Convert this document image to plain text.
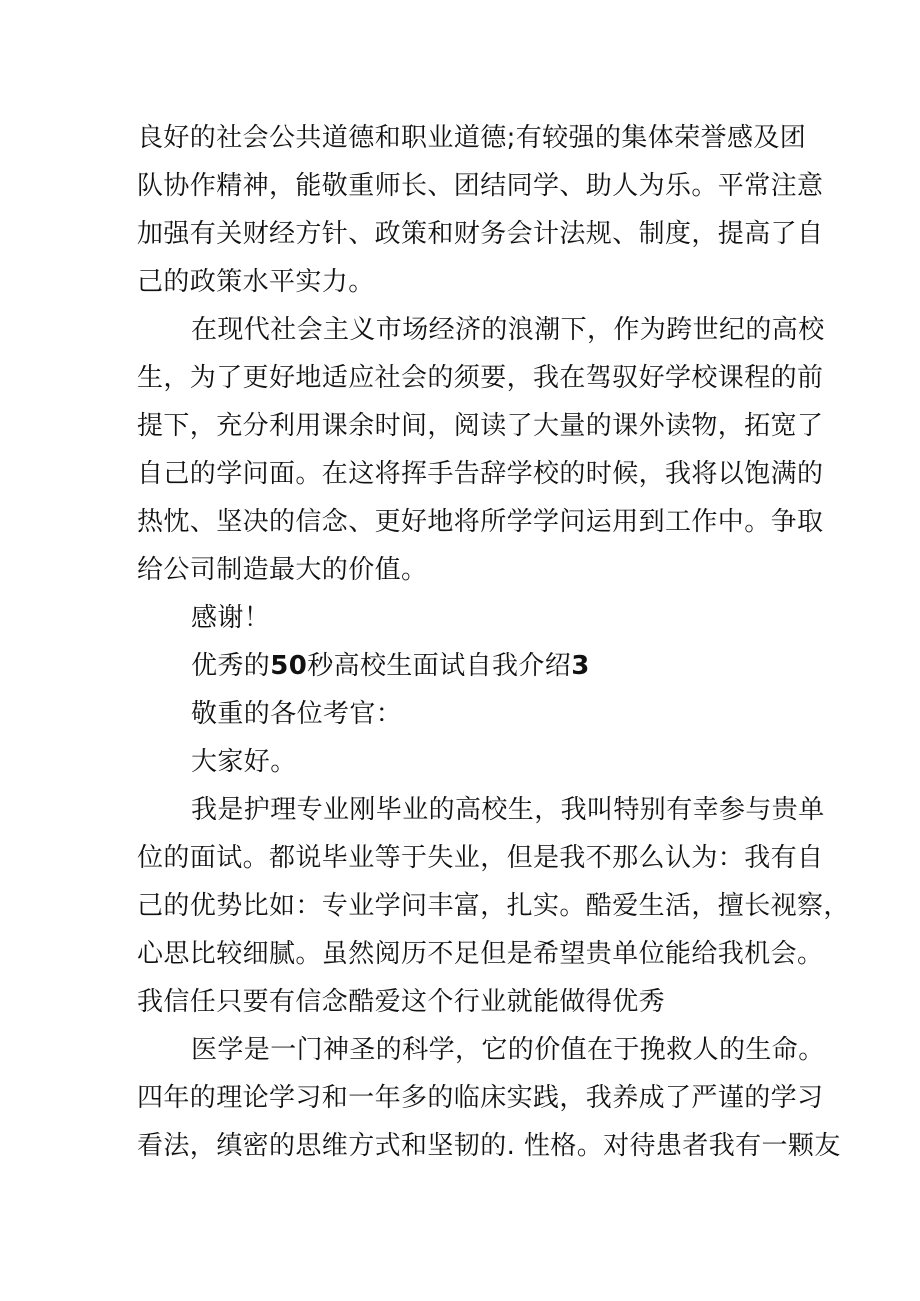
良好的社会公共道德和职业道德;有较强的集体荣誉感及团
队协作精神，能敬重师长、团结同学、助人为乐。平常注意
加强有关财经方针、政策和财务会计法规、制度，提高了自
己的政策水平实力。
在现代社会主义市场经济的浪潮下，作为跨世纪的高校
生，为了更好地适应社会的须要，我在驾驭好学校课程的前
提下，充分利用课余时间，阅读了大量的课外读物，拓宽了
自己的学问面。在这将挥手告辞学校的时候，我将以饱满的
热忱、坚决的信念、更好地将所学学问运用到工作中。争取
给公司制造最大的价值。
感谢！
优秀的50秒高校生面试自我介绍3
敬重的各位考官：
大家好。
我是护理专业刚毕业的高校生，我叫特别有幸参与贵单
位的面试。都说毕业等于失业，但是我不那么认为：我有自
己的优势比如：专业学问丰富，扎实。酷爱生活，擅长视察，
心思比较细腻。虽然阅历不足但是希望贵单位能给我机会。
我信任只要有信念酷爱这个行业就能做得优秀
医学是一门神圣的科学，它的价值在于挽救人的生命。
四年的理论学习和一年多的临床实践，我养成了严谨的学习
看法，缜密的思维方式和坚韧的. 性格。对待患者我有一颗友
